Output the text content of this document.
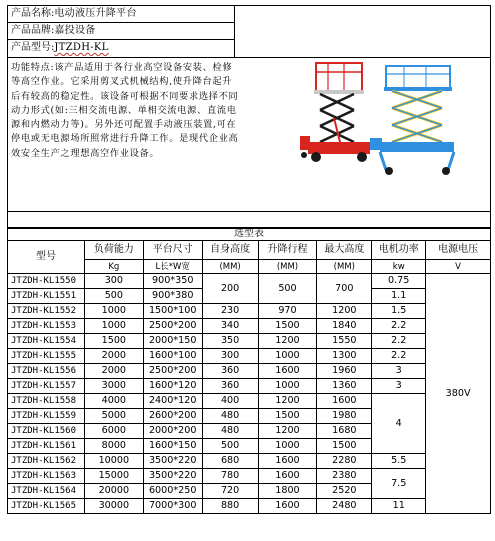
产品名称:电动液压升降平台
产品品牌:嘉投设备
产品型号:JTZDH-KL
功能特点:该产品适用于各行业高空设备安装、检修等高空作业。它采用剪叉式机械结构,使升降台起升后有较高的稳定性。该设备可根据不同要求选择不同动力形式(如:三相交流电源、单相交流电源、直流电源和内燃动力等)。另外还可配置手动液压装置,可在停电或无电源场所照常进行升降工作。是现代企业高效安全生产之理想高空作业设备。
选型表							
型号	负荷能力	平台尺寸	自身高度	升降行程	最大高度	电机功率	电源电压
	Kg	L长*W宽	(MM)	(MM)	(MM)	kw	V
JTZDH-KL1550	300	900*350	200	500	700	0.75	380V
JTZDH-KL1551	500	900*380				1.1	
JTZDH-KL1552	1000	1500*100	230	970	1200	1.5	
JTZDH-KL1553	1000	2500*200	340	1500	1840	2.2	
JTZDH-KL1554	1500	2000*150	350	1200	1550	2.2	
JTZDH-KL1555	2000	1600*100	300	1000	1300	2.2	
JTZDH-KL1556	2000	2500*200	360	1600	1960	3	
JTZDH-KL1557	3000	1600*120	360	1000	1360	3	
JTZDH-KL1558	4000	2400*120	400	1200	1600	4	
JTZDH-KL1559	5000	2600*200	480	1500	1980		
JTZDH-KL1560	6000	2000*200	480	1200	1680		
JTZDH-KL1561	8000	1600*150	500	1000	1500		
JTZDH-KL1562	10000	3500*220	680	1600	2280	5.5	
JTZDH-KL1563	15000	3500*220	780	1600	2380	7.5	
JTZDH-KL1564	20000	6000*250	720	1800	2520		
JTZDH-KL1565	30000	7000*300	880	1600	2480	11	
